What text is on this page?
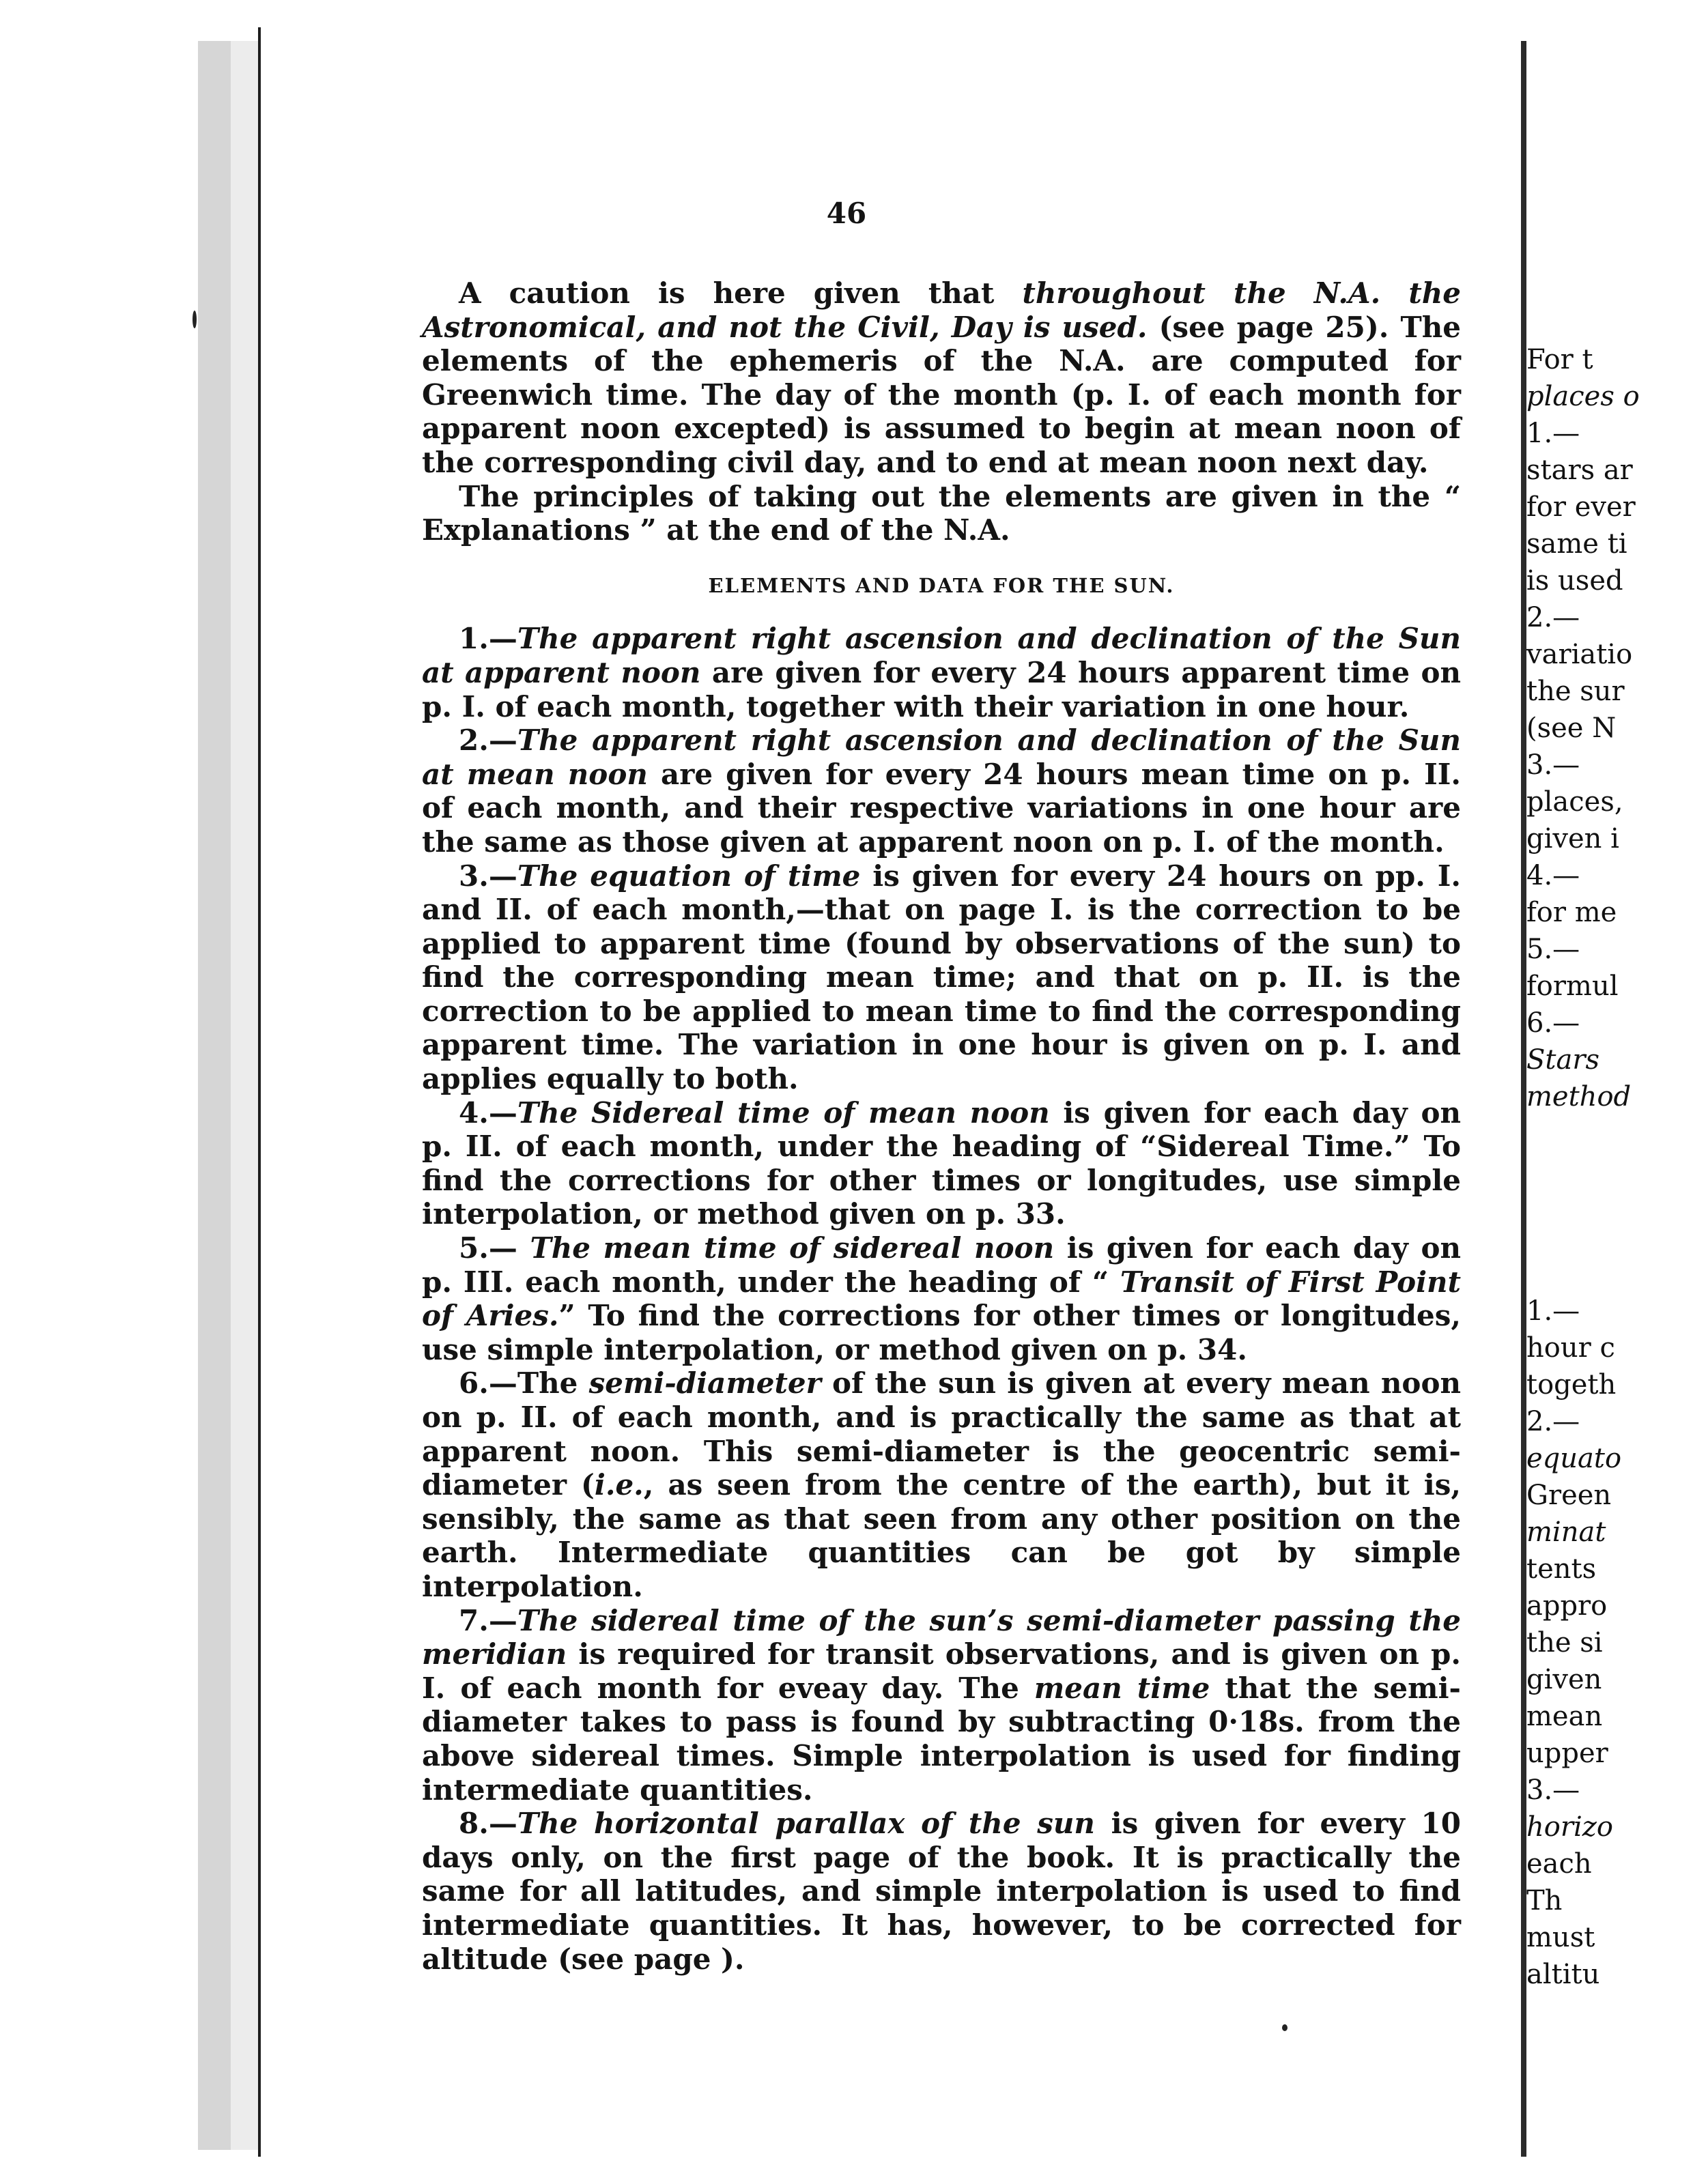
For t
places o
1.—
stars ar
for ever
same ti
is used
2.—
variatio
the sur
(see N
3.—
places,
given i
4.—
for me
5.—
formul
6.—
Stars
method
1.—
hour c
togeth
2.—
equato
Green
minat
tents
appro
the si
given
mean
upper
3.—
horizo
each
Th
must
altitu
46

A caution is here given that throughout the N.A. the Astronomical, and not the Civil, Day is used. (see page 25). The elements of the ephemeris of the N.A. are computed for Greenwich time. The day of the month (p. I. of each month for apparent noon excepted) is assumed to begin at mean noon of the corresponding civil day, and to end at mean noon next day.

The principles of taking out the elements are given in the “ Explanations ” at the end of the N.A.

ELEMENTS AND DATA FOR THE SUN.

1.—The apparent right ascension and declination of the Sun at apparent noon are given for every 24 hours apparent time on p. I. of each month, together with their variation in one hour.

2.—The apparent right ascension and declination of the Sun at mean noon are given for every 24 hours mean time on p. II. of each month, and their respective variations in one hour are the same as those given at apparent noon on p. I. of the month.

3.—The equation of time is given for every 24 hours on pp. I. and II. of each month,—that on page I. is the correction to be applied to apparent time (found by observations of the sun) to find the corresponding mean time; and that on p. II. is the correction to be applied to mean time to find the corresponding apparent time. The variation in one hour is given on p. I. and applies equally to both.

4.—The Sidereal time of mean noon is given for each day on p. II. of each month, under the heading of “Sidereal Time.” To find the corrections for other times or longitudes, use simple interpolation, or method given on p. 33.

5.— The mean time of sidereal noon is given for each day on p. III. each month, under the heading of “ Transit of First Point of Aries.” To find the corrections for other times or longitudes, use simple interpolation, or method given on p. 34.

6.—The semi-diameter of the sun is given at every mean noon on p. II. of each month, and is practically the same as that at apparent noon. This semi-diameter is the geocentric semi-diameter (i.e., as seen from the centre of the earth), but it is, sensibly, the same as that seen from any other position on the earth. Intermediate quantities can be got by simple interpolation.

7.—The sidereal time of the sun’s semi-diameter passing the meridian is required for transit observations, and is given on p. I. of each month for eveay day. The mean time that the semi-diameter takes to pass is found by subtracting 0·18s. from the above sidereal times. Simple interpolation is used for finding intermediate quantities.

8.—The horizontal parallax of the sun is given for every 10 days only, on the first page of the book. It is practically the same for all latitudes, and simple interpolation is used to find intermediate quantities. It has, however, to be corrected for altitude (see page ).
